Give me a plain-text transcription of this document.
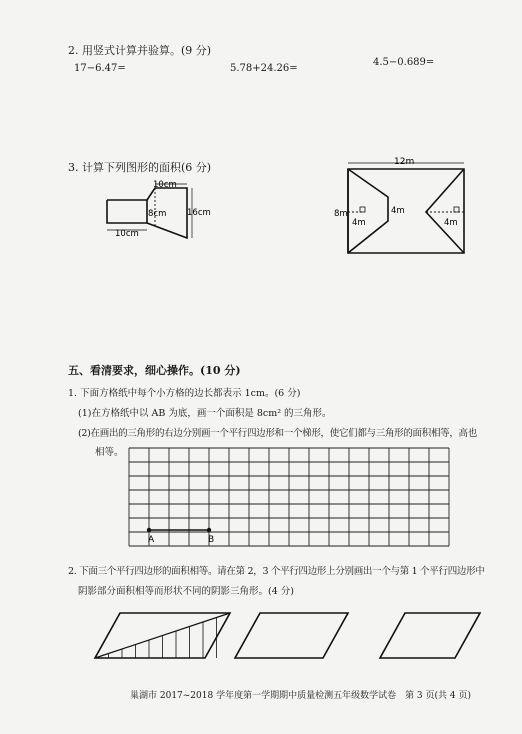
2. 用竖式计算并验算。(9 分)
17−6.47=	5.78+24.26=
4.5−0.689=
3. 计算下列图形的面积(6 分)
10cm
8cm 16cm
10cm
12m
8m	4m
4m	4m
五、看清要求，细心操作。(10 分)
1. 下面方格纸中每个小方格的边长都表示 1cm。(6 分)
(1)在方格纸中以 AB 为底，画一个面积是 8cm² 的三角形。
(2)在画出的三角形的右边分别画一个平行四边形和一个梯形，使它们都与三角形的面积相等，高也
相等。
A	B
2. 下面三个平行四边形的面积相等。请在第 2，3 个平行四边形上分别画出一个与第 1 个平行四边形中
阴影部分面积相等而形状不同的阴影三角形。(4 分)
巢湖市 2017~2018 学年度第一学期期中质量检测五年级数学试卷　第 3 页(共 4 页)
